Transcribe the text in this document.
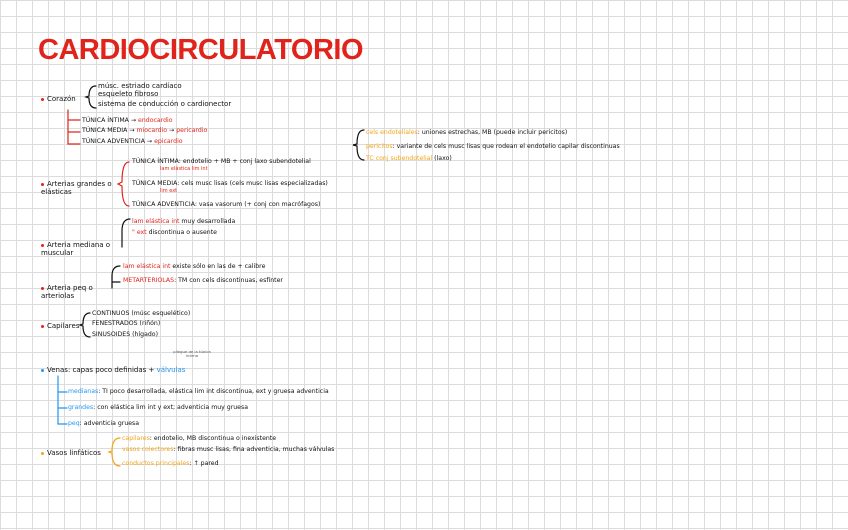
CARDIOCIRCULATORIO
Corazón
músc. estriado cardíaco
esqueleto fibroso
sistema de conducción o cardionector
TÚNICA ÍNTIMA → endocardio
TÚNICA MEDIA → miocardio → pericardio
TÚNICA ADVENTICIA → epicardio
cels endoteliales: uniones estrechas, MB (puede incluir pericitos)
pericitos: variante de cels musc lisas que rodean el endotelio capilar discontinuas
TC conj subendotelial (laxo)
Arterias grandes o elásticas
TÚNICA ÍNTIMA: endotelio + MB + conj laxo subendotelial
lam elástica lim int
TÚNICA MEDIA: cels musc lisas (cels musc lisas especializadas)
lim ext
TÚNICA ADVENTICIA: vasa vasorum (+ conj con macrófagos)
lam elástica int muy desarrollada
" ext discontinua o ausente
Arteria mediana o muscular
lam elástica int existe sólo en las de + calibre
METARTERIOLAS: TM con cels discontinuas, esfínter
Arteria peq o arteriolas
Capilares
CONTINUOS (músc esquelético)
FENESTRADOS (riñón)
SINUSOIDES (hígado)
pliegue de la túnica íntima
Venas: capas poco definidas + válvulas
medianas: TI poco desarrollada, elástica lim int discontinua, ext y gruesa adventicia
grandes: con elástica lim int y ext; adventicia muy gruesa
peq: adventicia gruesa
Vasos linfáticos
capilares: endotelio, MB discontinua o inexistente
vasos colectores: fibras musc lisas, fina adventicia, muchas válvulas
conductos principales: ↑ pared
